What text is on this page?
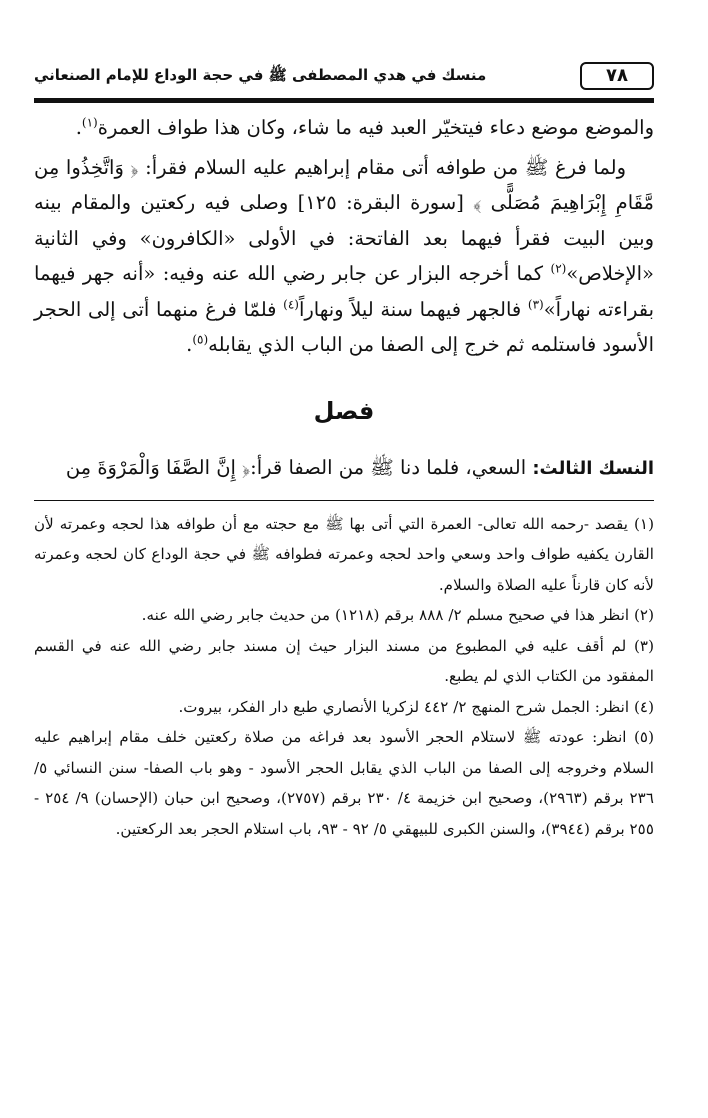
٧٨
منسك في هدي المصطفى ﷺ في حجة الوداع للإمام الصنعاني

والموضع موضع دعاء فيتخيّر العبد فيه ما شاء، وكان هذا طواف العمرة$^{(١)}$.

ولما فرغ ﷺ من طوافه أتى مقام إبراهيم عليه السلام فقرأ: ﴿ وَاتَّخِذُوا مِن مَّقَامِ إِبْرَاهِيمَ مُصَلًّى ﴾ [سورة البقرة: ١٢٥] وصلى فيه ركعتين والمقام بينه وبين البيت فقرأ فيهما بعد الفاتحة: في الأولى «الكافرون» وفي الثانية «الإخلاص»$^{(٢)}$ كما أخرجه البزار عن جابر رضي الله عنه وفيه: «أنه جهر فيهما بقراءته نهاراً»$^{(٣)}$ فالجهر فيهما سنة ليلاً ونهاراً$^{(٤)}$ فلمّا فرغ منهما أتى إلى الحجر الأسود فاستلمه ثم خرج إلى الصفا من الباب الذي يقابله$^{(٥)}$.

فصل
النسك الثالث: السعي، فلما دنا ﷺ من الصفا قرأ:﴿ إِنَّ الصَّفَا وَالْمَرْوَةَ مِن

(١) يقصد -رحمه الله تعالى- العمرة التي أتى بها ﷺ مع حجته مع أن طوافه هذا لحجه وعمرته لأن القارن يكفيه طواف واحد وسعي واحد لحجه وعمرته فطوافه ﷺ في حجة الوداع كان لحجه وعمرته لأنه كان قارناً عليه الصلاة والسلام.

(٢) انظر هذا في صحيح مسلم ٢/ ٨٨٨ برقم (١٢١٨) من حديث جابر رضي الله عنه.

(٣) لم أقف عليه في المطبوع من مسند البزار حيث إن مسند جابر رضي الله عنه في القسم المفقود من الكتاب الذي لم يطبع.

(٤) انظر: الجمل شرح المنهج ٢/ ٤٤٢ لزكريا الأنصاري طبع دار الفكر، بيروت.

(٥) انظر: عودته ﷺ لاستلام الحجر الأسود بعد فراغه من صلاة ركعتين خلف مقام إبراهيم عليه السلام وخروجه إلى الصفا من الباب الذي يقابل الحجر الأسود - وهو باب الصفا- سنن النسائي ٥/ ٢٣٦ برقم (٢٩٦٣)، وصحيح ابن خزيمة ٤/ ٢٣٠ برقم (٢٧٥٧)، وصحيح ابن حبان (الإحسان) ٩/ ٢٥٤ - ٢٥٥ برقم (٣٩٤٤)، والسنن الكبرى للبيهقي ٥/ ٩٢ - ٩٣، باب استلام الحجر بعد الركعتين.
